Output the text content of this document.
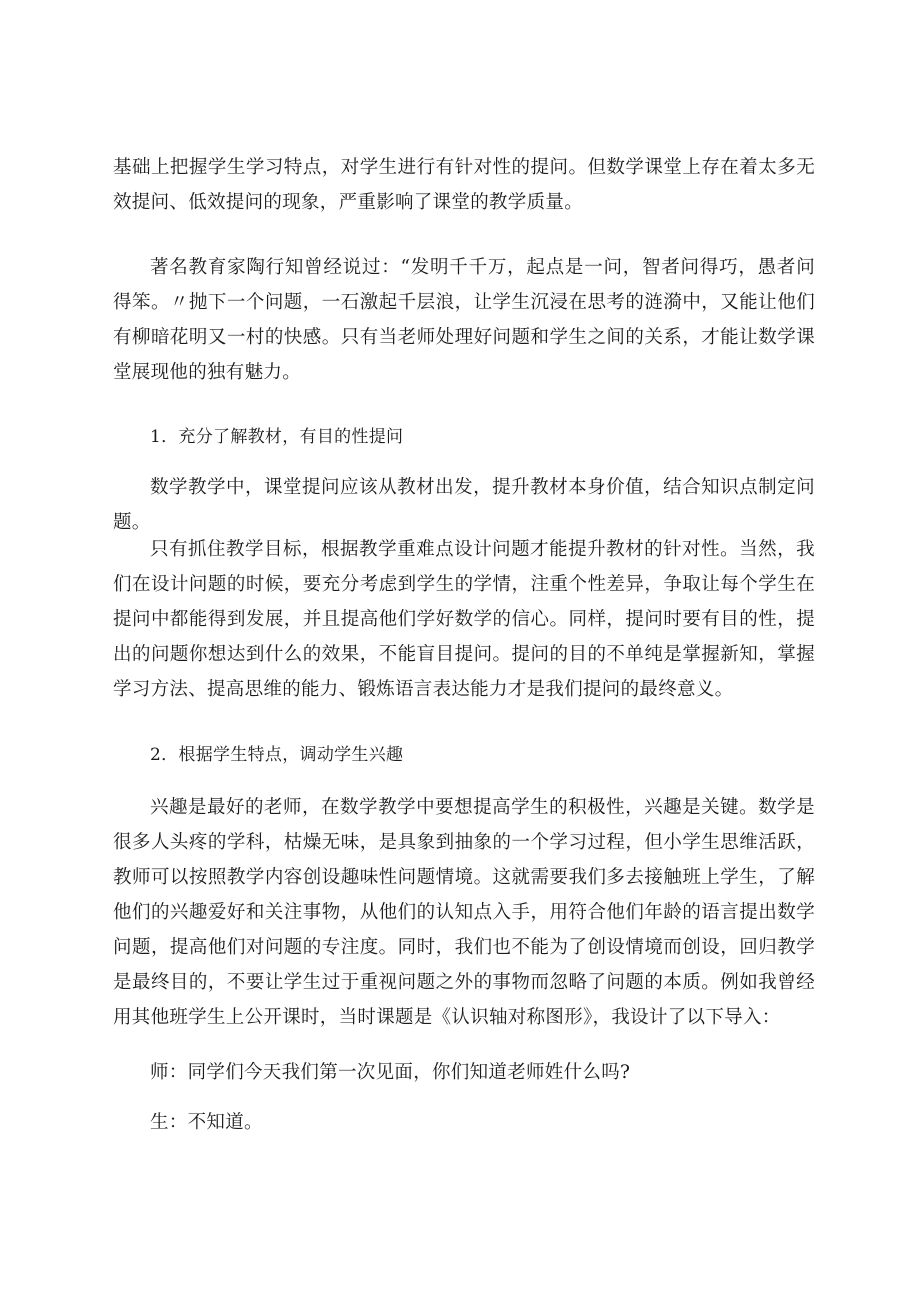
基础上把握学生学习特点，对学生进行有针对性的提问。但数学课堂上存在着太多无效提问、低效提问的现象，严重影响了课堂的教学质量。

著名教育家陶行知曾经说过：“发明千千万，起点是一问，智者问得巧，愚者问得笨。〃抛下一个问题，一石激起千层浪，让学生沉浸在思考的涟漪中，又能让他们有柳暗花明又一村的快感。只有当老师处理好问题和学生之间的关系，才能让数学课堂展现他的独有魅力。

1．充分了解教材，有目的性提问

数学教学中，课堂提问应该从教材出发，提升教材本身价值，结合知识点制定问题。

只有抓住教学目标，根据教学重难点设计问题才能提升教材的针对性。当然，我们在设计问题的时候，要充分考虑到学生的学情，注重个性差异，争取让每个学生在提问中都能得到发展，并且提高他们学好数学的信心。同样，提问时要有目的性，提出的问题你想达到什么的效果，不能盲目提问。提问的目的不单纯是掌握新知，掌握学习方法、提高思维的能力、锻炼语言表达能力才是我们提问的最终意义。

2．根据学生特点，调动学生兴趣

兴趣是最好的老师，在数学教学中要想提高学生的积极性，兴趣是关键。数学是很多人头疼的学科，枯燥无味，是具象到抽象的一个学习过程，但小学生思维活跃，教师可以按照教学内容创设趣味性问题情境。这就需要我们多去接触班上学生，了解他们的兴趣爱好和关注事物，从他们的认知点入手，用符合他们年龄的语言提出数学问题，提高他们对问题的专注度。同时，我们也不能为了创设情境而创设，回归教学是最终目的，不要让学生过于重视问题之外的事物而忽略了问题的本质。例如我曾经用其他班学生上公开课时，当时课题是《认识轴对称图形》，我设计了以下导入：

师：同学们今天我们第一次见面，你们知道老师姓什么吗?

生：不知道。
